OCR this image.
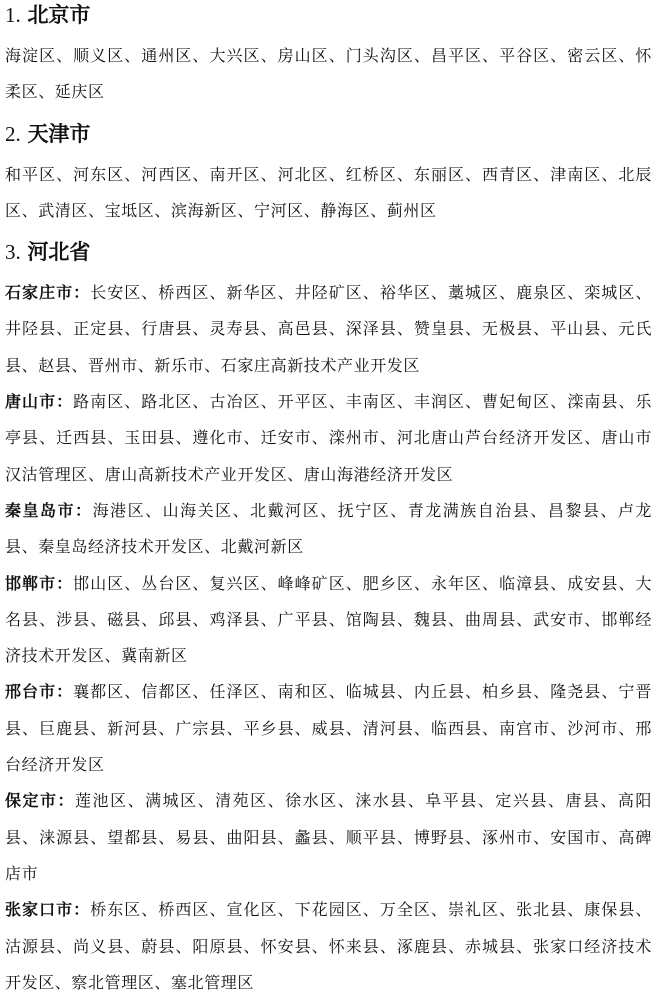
1. 北京市

海淀区、顺义区、通州区、大兴区、房山区、门头沟区、昌平区、平谷区、密云区、怀柔区、延庆区

2. 天津市

和平区、河东区、河西区、南开区、河北区、红桥区、东丽区、西青区、津南区、北辰区、武清区、宝坻区、滨海新区、宁河区、静海区、蓟州区

3. 河北省

石家庄市：长安区、桥西区、新华区、井陉矿区、裕华区、藁城区、鹿泉区、栾城区、井陉县、正定县、行唐县、灵寿县、高邑县、深泽县、赞皇县、无极县、平山县、元氏县、赵县、晋州市、新乐市、石家庄高新技术产业开发区

唐山市：路南区、路北区、古冶区、开平区、丰南区、丰润区、曹妃甸区、滦南县、乐亭县、迁西县、玉田县、遵化市、迁安市、滦州市、河北唐山芦台经济开发区、唐山市汉沽管理区、唐山高新技术产业开发区、唐山海港经济开发区

秦皇岛市：海港区、山海关区、北戴河区、抚宁区、青龙满族自治县、昌黎县、卢龙县、秦皇岛经济技术开发区、北戴河新区

邯郸市：邯山区、丛台区、复兴区、峰峰矿区、肥乡区、永年区、临漳县、成安县、大名县、涉县、磁县、邱县、鸡泽县、广平县、馆陶县、魏县、曲周县、武安市、邯郸经济技术开发区、冀南新区

邢台市：襄都区、信都区、任泽区、南和区、临城县、内丘县、柏乡县、隆尧县、宁晋县、巨鹿县、新河县、广宗县、平乡县、威县、清河县、临西县、南宫市、沙河市、邢台经济开发区

保定市：莲池区、满城区、清苑区、徐水区、涞水县、阜平县、定兴县、唐县、高阳县、涞源县、望都县、易县、曲阳县、蠡县、顺平县、博野县、涿州市、安国市、高碑店市

张家口市：桥东区、桥西区、宣化区、下花园区、万全区、崇礼区、张北县、康保县、沽源县、尚义县、蔚县、阳原县、怀安县、怀来县、涿鹿县、赤城县、张家口经济技术开发区、察北管理区、塞北管理区
